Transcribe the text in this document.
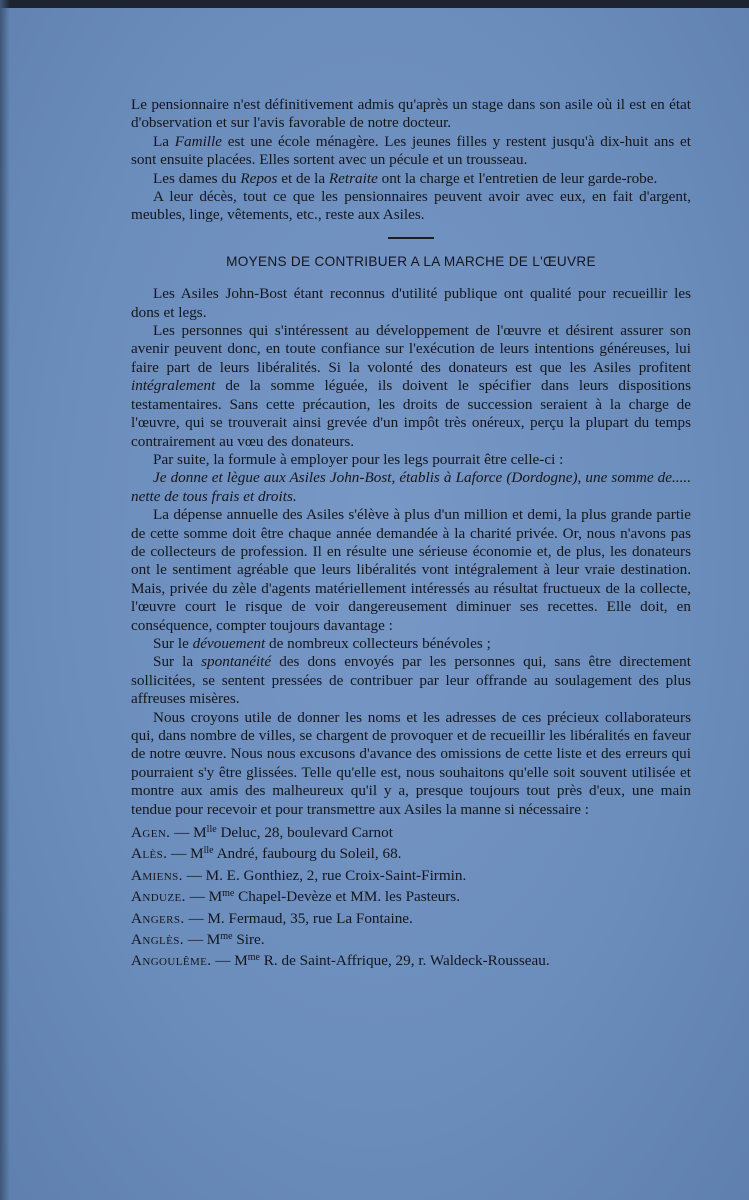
Le pensionnaire n'est définitivement admis qu'après un stage dans son asile où il est en état d'observation et sur l'avis favorable de notre docteur.

La Famille est une école ménagère. Les jeunes filles y restent jusqu'à dix-huit ans et sont ensuite placées. Elles sortent avec un pécule et un trousseau.

Les dames du Repos et de la Retraite ont la charge et l'entretien de leur garde-robe.

A leur décès, tout ce que les pensionnaires peuvent avoir avec eux, en fait d'argent, meubles, linge, vêtements, etc., reste aux Asiles.

MOYENS DE CONTRIBUER A LA MARCHE DE L'ŒUVRE

Les Asiles John-Bost étant reconnus d'utilité publique ont qualité pour recueillir les dons et legs.

Les personnes qui s'intéressent au développement de l'œuvre et désirent assurer son avenir peuvent donc, en toute confiance sur l'exécution de leurs intentions généreuses, lui faire part de leurs libéralités. Si la volonté des donateurs est que les Asiles profitent intégralement de la somme léguée, ils doivent le spécifier dans leurs dispositions testamentaires. Sans cette précaution, les droits de succession seraient à la charge de l'œuvre, qui se trouverait ainsi grevée d'un impôt très onéreux, perçu la plupart du temps contrairement au vœu des donateurs.

Par suite, la formule à employer pour les legs pourrait être celle-ci :

Je donne et lègue aux Asiles John-Bost, établis à Laforce (Dordogne), une somme de..... nette de tous frais et droits.

La dépense annuelle des Asiles s'élève à plus d'un million et demi, la plus grande partie de cette somme doit être chaque année demandée à la charité privée. Or, nous n'avons pas de collecteurs de profession. Il en résulte une sérieuse économie et, de plus, les donateurs ont le sentiment agréable que leurs libéralités vont intégralement à leur vraie destination. Mais, privée du zèle d'agents matériellement intéressés au résultat fructueux de la collecte, l'œuvre court le risque de voir dangereusement diminuer ses recettes. Elle doit, en conséquence, compter toujours davantage :

Sur le dévouement de nombreux collecteurs bénévoles ;

Sur la spontanéité des dons envoyés par les personnes qui, sans être directement sollicitées, se sentent pressées de contribuer par leur offrande au soulagement des plus affreuses misères.

Nous croyons utile de donner les noms et les adresses de ces précieux collaborateurs qui, dans nombre de villes, se chargent de provoquer et de recueillir les libéralités en faveur de notre œuvre. Nous nous excusons d'avance des omissions de cette liste et des erreurs qui pourraient s'y être glissées. Telle qu'elle est, nous souhaitons qu'elle soit souvent utilisée et montre aux amis des malheureux qu'il y a, presque toujours tout près d'eux, une main tendue pour recevoir et pour transmettre aux Asiles la manne si nécessaire :

Agen. — $M^{lle}$ Deluc, 28, boulevard Carnot
Alès. — $M^{lle}$ André, faubourg du Soleil, 68.
Amiens. — M. E. Gonthiez, 2, rue Croix-Saint-Firmin.
Anduze. — $M^{me}$ Chapel-Devèze et MM. les Pasteurs.
Angers. — M. Fermaud, 35, rue La Fontaine.
Anglès. — $M^{me}$ Sire.
Angoulême. — $M^{me}$ R. de Saint-Affrique, 29, r. Waldeck-Rousseau.
